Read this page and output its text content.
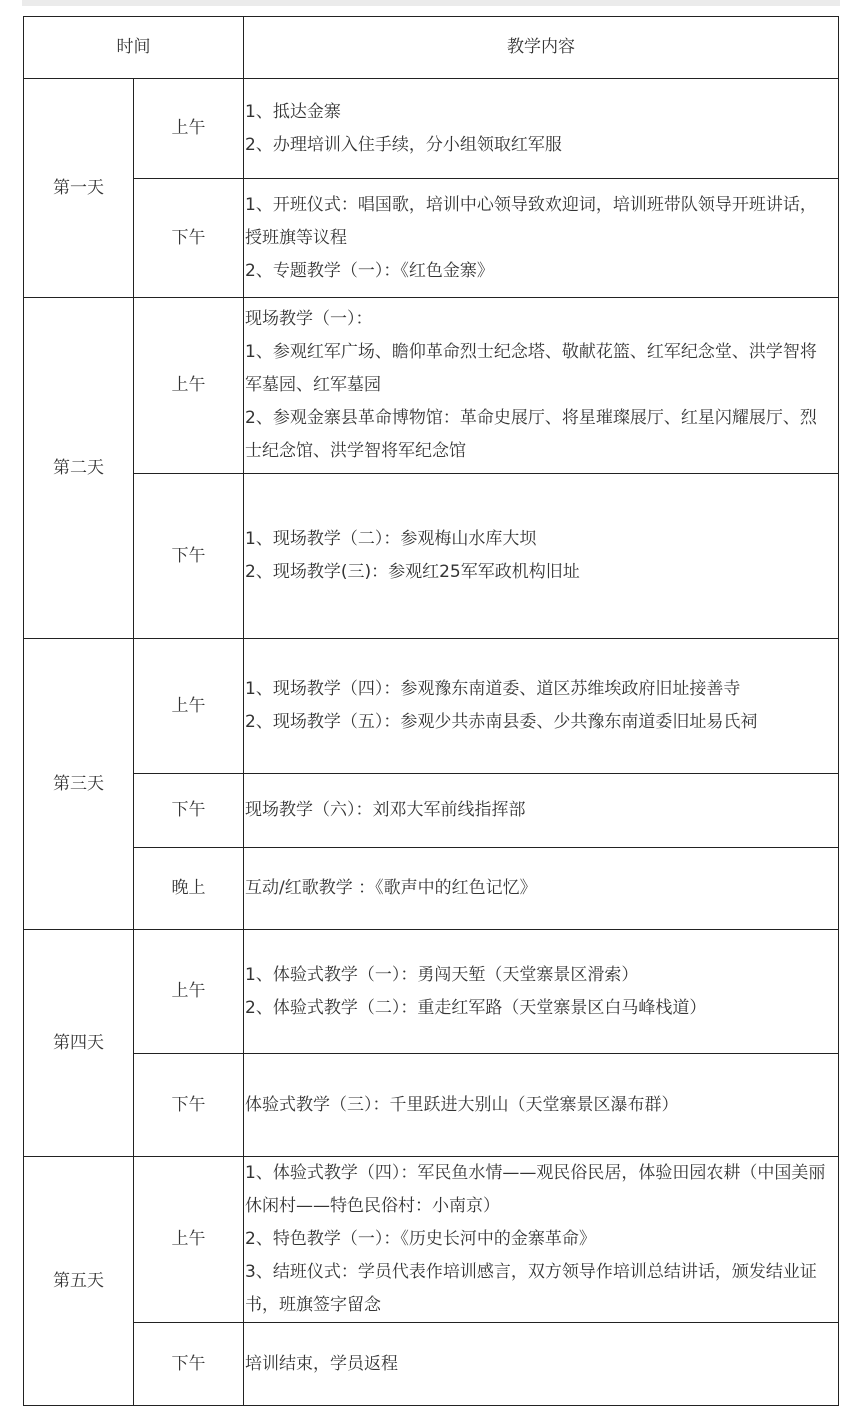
时间		教学内容
第一天	上午	1、抵达金寨
2、办理培训入住手续，分小组领取红军服

	下午	1、开班仪式：唱国歌，培训中心领导致欢迎词，培训班带队领导开班讲话，授班旗等议程
2、专题教学（一）：《红色金寨》

第二天	上午	现场教学（一）：
1、参观红军广场、瞻仰革命烈士纪念塔、敬献花篮、红军纪念堂、洪学智将军墓园、红军墓园
2、参观金寨县革命博物馆：革命史展厅、将星璀璨展厅、红星闪耀展厅、烈士纪念馆、洪学智将军纪念馆

	下午	1、现场教学（二）：参观梅山水库大坝
2、现场教学(三)：参观红25军军政机构旧址

第三天	上午	1、现场教学（四）：参观豫东南道委、道区苏维埃政府旧址接善寺
2、现场教学（五）：参观少共赤南县委、少共豫东南道委旧址易氏祠

	下午	现场教学（六）：刘邓大军前线指挥部

	晚上	互动/红歌教学 ：《歌声中的红色记忆》

第四天	上午	1、体验式教学（一）：勇闯天堑（天堂寨景区滑索）
2、体验式教学（二）：重走红军路（天堂寨景区白马峰栈道）

	下午	体验式教学（三）：千里跃进大别山（天堂寨景区瀑布群）

第五天	上午	1、体验式教学（四）：军民鱼水情——观民俗民居，体验田园农耕（中国美丽休闲村——特色民俗村：小南京）
2、特色教学（一）：《历史长河中的金寨革命》
3、结班仪式：学员代表作培训感言，双方领导作培训总结讲话，颁发结业证书，班旗签字留念

	下午	培训结束，学员返程
